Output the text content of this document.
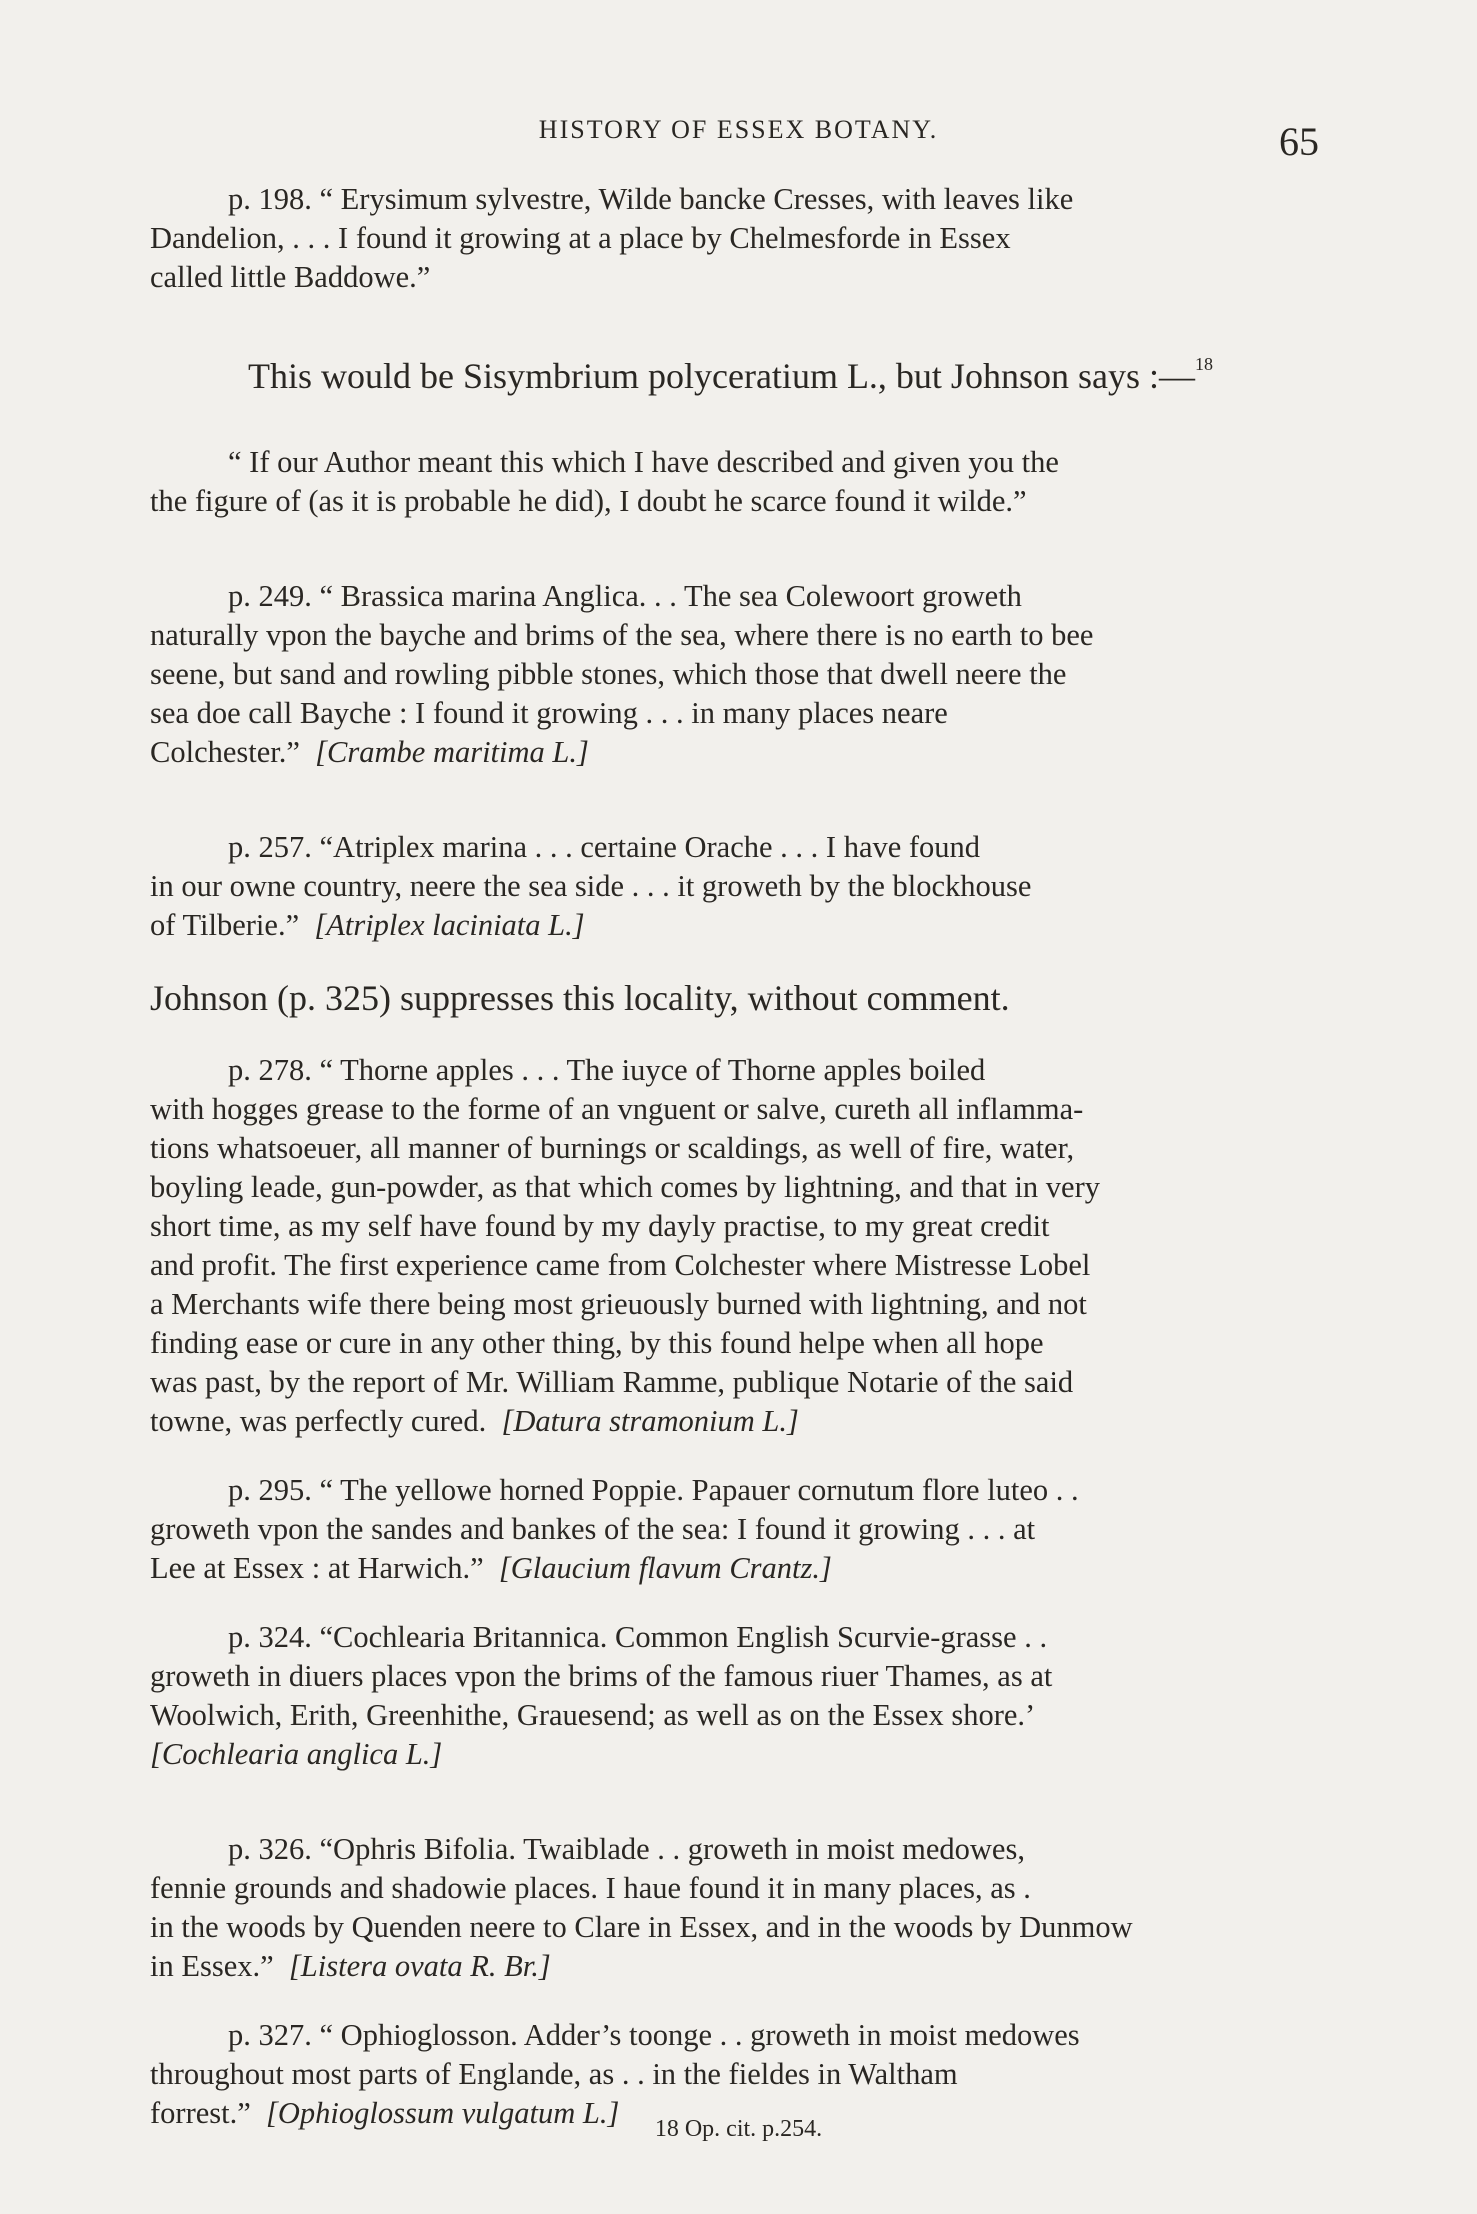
HISTORY OF ESSEX BOTANY.	65

p. 198. “ Erysimum sylvestre, Wilde bancke Cresses, with leaves like
Dandelion, . . . I found it growing at a place by Chelmesforde in Essex
called little Baddowe.”

This would be Sisymbrium polyceratium L., but Johnson says :—$^{18}$

“ If our Author meant this which I have described and given you the
the figure of (as it is probable he did), I doubt he scarce found it wilde.”

p. 249. “ Brassica marina Anglica. . . The sea Colewoort groweth
naturally vpon the bayche and brims of the sea, where there is no earth to bee
seene, but sand and rowling pibble stones, which those that dwell neere the
sea doe call Bayche : I found it growing . . . in many places neare
Colchester.” [Crambe maritima L.]

p. 257. “Atriplex marina . . . certaine Orache . . . I have found
in our owne country, neere the sea side . . . it groweth by the blockhouse
of Tilberie.” [Atriplex laciniata L.]

Johnson (p. 325) suppresses this locality, without comment.

p. 278. “ Thorne apples . . . The iuyce of Thorne apples boiled
with hogges grease to the forme of an vnguent or salve, cureth all inflamma-
tions whatsoeuer, all manner of burnings or scaldings, as well of fire, water,
boyling leade, gun-powder, as that which comes by lightning, and that in very
short time, as my self have found by my dayly practise, to my great credit
and profit. The first experience came from Colchester where Mistresse Lobel
a Merchants wife there being most grieuously burned with lightning, and not
finding ease or cure in any other thing, by this found helpe when all hope
was past, by the report of Mr. William Ramme, publique Notarie of the said
towne, was perfectly cured. [Datura stramonium L.]

p. 295. “ The yellowe horned Poppie. Papauer cornutum flore luteo . .
groweth vpon the sandes and bankes of the sea: I found it growing . . . at
Lee at Essex : at Harwich.” [Glaucium flavum Crantz.]

p. 324. “Cochlearia Britannica. Common English Scurvie-grasse . .
groweth in diuers places vpon the brims of the famous riuer Thames, as at
Woolwich, Erith, Greenhithe, Grauesend; as well as on the Essex shore.’
[Cochlearia anglica L.]

p. 326. “Ophris Bifolia. Twaiblade . . groweth in moist medowes,
fennie grounds and shadowie places. I haue found it in many places, as .
in the woods by Quenden neere to Clare in Essex, and in the woods by Dunmow
in Essex.” [Listera ovata R. Br.]

p. 327. “ Ophioglosson. Adder’s toonge . . groweth in moist medowes
throughout most parts of Englande, as . . in the fieldes in Waltham
forrest.” [Ophioglossum vulgatum L.]	18 Op. cit. p.254.
